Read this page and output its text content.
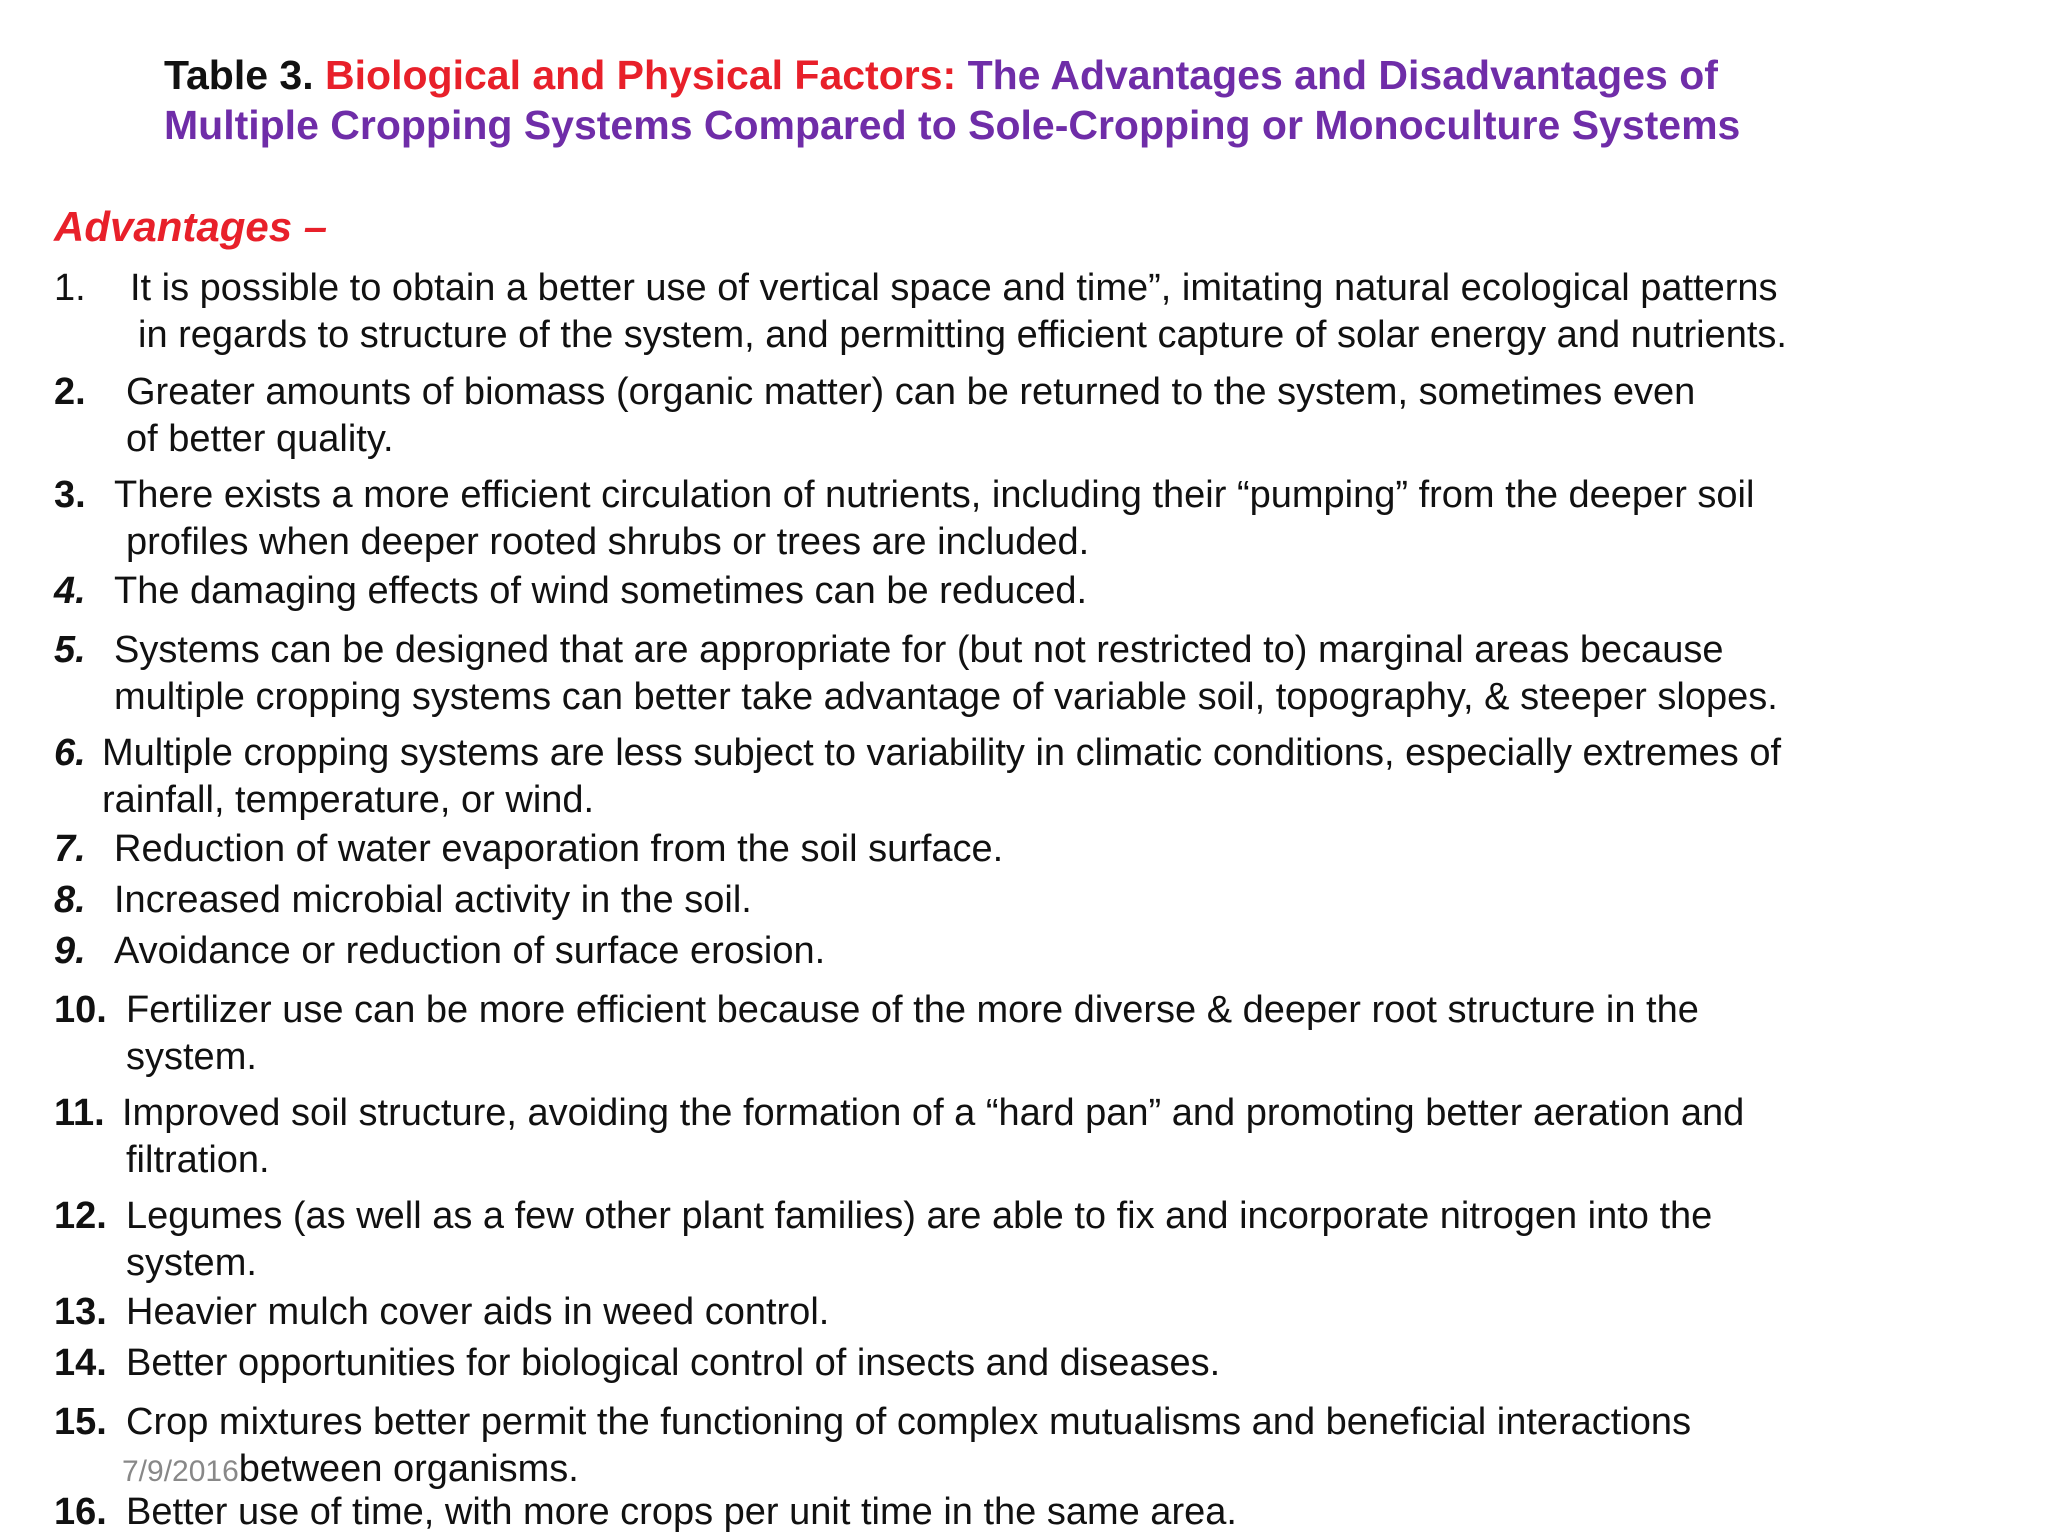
Table 3. Biological and Physical Factors: The Advantages and Disadvantages of
Multiple Cropping Systems Compared to Sole-Cropping or Monoculture Systems
Advantages –
1. It is possible to obtain a better use of vertical space and time”, imitating natural ecological patterns
in regards to structure of the system, and permitting efficient capture of solar energy and nutrients.
2. Greater amounts of biomass (organic matter) can be returned to the system, sometimes even
of better quality.
3. There exists a more efficient circulation of nutrients, including their “pumping” from the deeper soil
profiles when deeper rooted shrubs or trees are included.
4. The damaging effects of wind sometimes can be reduced.
5. Systems can be designed that are appropriate for (but not restricted to) marginal areas because
multiple cropping systems can better take advantage of variable soil, topography, & steeper slopes.
6. Multiple cropping systems are less subject to variability in climatic conditions, especially extremes of
rainfall, temperature, or wind.
7. Reduction of water evaporation from the soil surface.
8. Increased microbial activity in the soil.
9. Avoidance or reduction of surface erosion.
10. Fertilizer use can be more efficient because of the more diverse & deeper root structure in the
system.
11. Improved soil structure, avoiding the formation of a “hard pan” and promoting better aeration and
filtration.
12. Legumes (as well as a few other plant families) are able to fix and incorporate nitrogen into the
system.
13. Heavier mulch cover aids in weed control.
14. Better opportunities for biological control of insects and diseases.
15. Crop mixtures better permit the functioning of complex mutualisms and beneficial interactions
7/9/2016between organisms.
16. Better use of time, with more crops per unit time in the same area.
